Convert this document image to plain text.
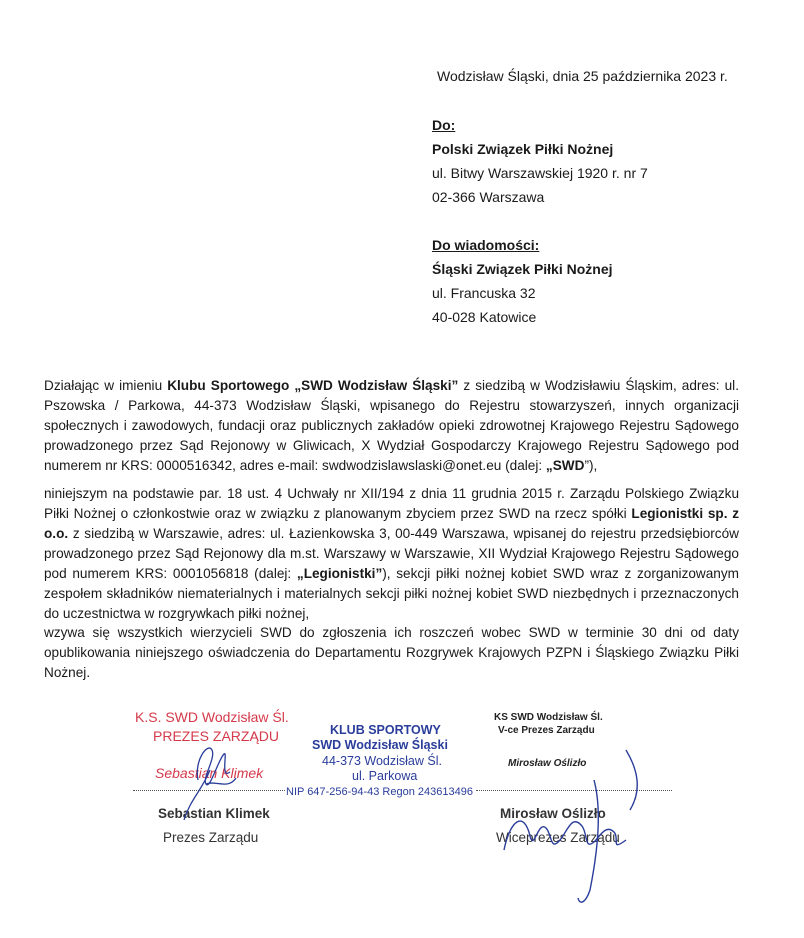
Wodzisław Śląski, dnia 25 października 2023 r.
Do:
Polski Związek Piłki Nożnej
ul. Bitwy Warszawskiej 1920 r. nr 7
02-366 Warszawa
Do wiadomości:
Śląski Związek Piłki Nożnej
ul. Francuska 32
40-028 Katowice
Działając w imieniu Klubu Sportowego „SWD Wodzisław Śląski” z siedzibą w Wodzisławiu Śląskim, adres: ul. Pszowska / Parkowa, 44-373 Wodzisław Śląski, wpisanego do Rejestru stowarzyszeń, innych organizacji społecznych i zawodowych, fundacji oraz publicznych zakładów opieki zdrowotnej Krajowego Rejestru Sądowego prowadzonego przez Sąd Rejonowy w Gliwicach, X Wydział Gospodarczy Krajowego Rejestru Sądowego pod numerem nr KRS: 0000516342, adres e-mail: swdwodzislawslaski@onet.eu (dalej: „SWD”),
niniejszym na podstawie par. 18 ust. 4 Uchwały nr XII/194 z dnia 11 grudnia 2015 r. Zarządu Polskiego Związku Piłki Nożnej o członkostwie oraz w związku z planowanym zbyciem przez SWD na rzecz spółki Legionistki sp. z o.o. z siedzibą w Warszawie, adres: ul. Łazienkowska 3, 00-449 Warszawa, wpisanej do rejestru przedsiębiorców prowadzonego przez Sąd Rejonowy dla m.st. Warszawy w Warszawie, XII Wydział Krajowego Rejestru Sądowego pod numerem KRS: 0001056818 (dalej: „Legionistki”), sekcji piłki nożnej kobiet SWD wraz z zorganizowanym zespołem składników niematerialnych i materialnych sekcji piłki nożnej kobiet SWD niezbędnych i przeznaczonych do uczestnictwa w rozgrywkach piłki nożnej,
wzywa się wszystkich wierzycieli SWD do zgłoszenia ich roszczeń wobec SWD w terminie 30 dni od daty opublikowania niniejszego oświadczenia do Departamentu Rozgrywek Krajowych PZPN i Śląskiego Związku Piłki Nożnej.
K.S. SWD Wodzisław Śl.
PREZES ZARZĄDU
Sebastian Klimek
KLUB SPORTOWY
SWD Wodzisław Śląski
44-373 Wodzisław Śl.
ul. Parkowa
NIP 647-256-94-43 Regon 243613496
KS SWD Wodzisław Śl.
V-ce Prezes Zarządu
Mirosław Oślizło
Sebastian Klimek
Prezes Zarządu
Mirosław Oślizło
Wiceprezes Zarządu
